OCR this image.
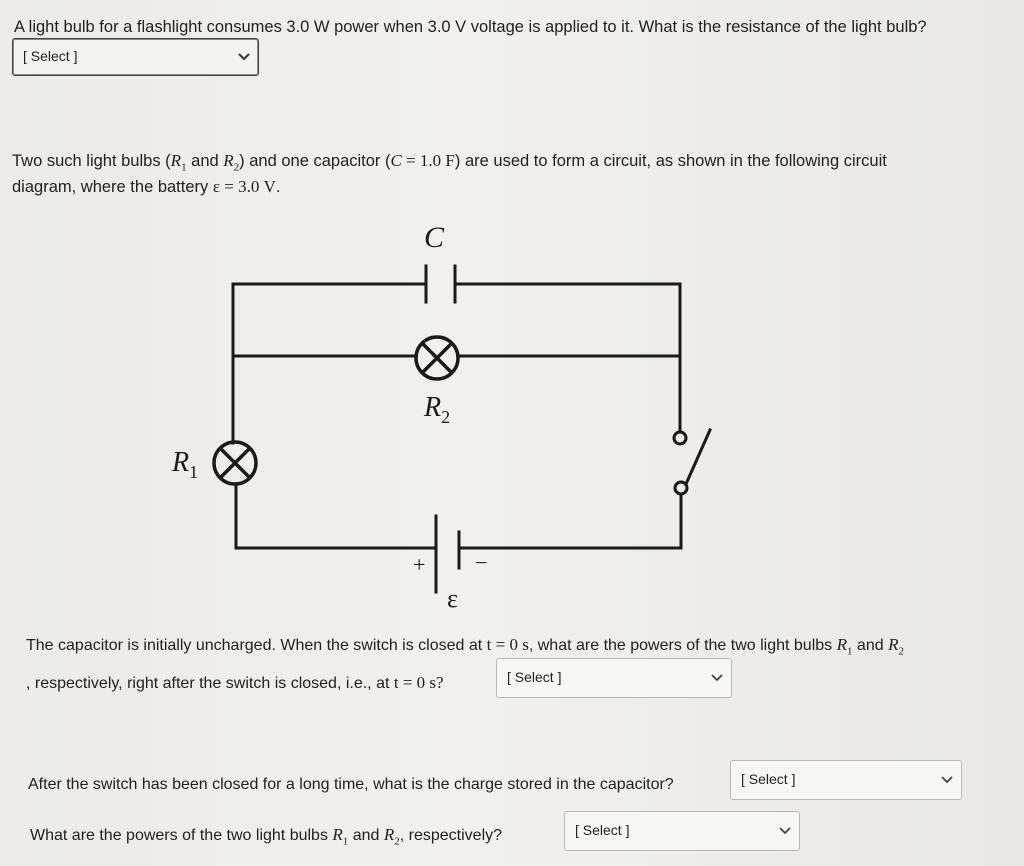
A light bulb for a flashlight consumes 3.0 W power when 3.0 V voltage is applied to it. What is the resistance of the light bulb?
[ Select ]
Two such light bulbs ($R_1$ and $R_2$) and one capacitor (C = 1.0 F) are used to form a circuit, as shown in the following circuit
diagram, where the battery ε = 3.0 V.
C
$R_2$
$R_1$
+ −
ε
The capacitor is initially uncharged. When the switch is closed at t = 0 s, what are the powers of the two light bulbs $R_1$ and $R_2$
, respectively, right after the switch is closed, i.e., at t = 0 s?	[ Select ]
After the switch has been closed for a long time, what is the charge stored in the capacitor?	[ Select ]
What are the powers of the two light bulbs $R_1$ and $R_2$, respectively?	[ Select ]
